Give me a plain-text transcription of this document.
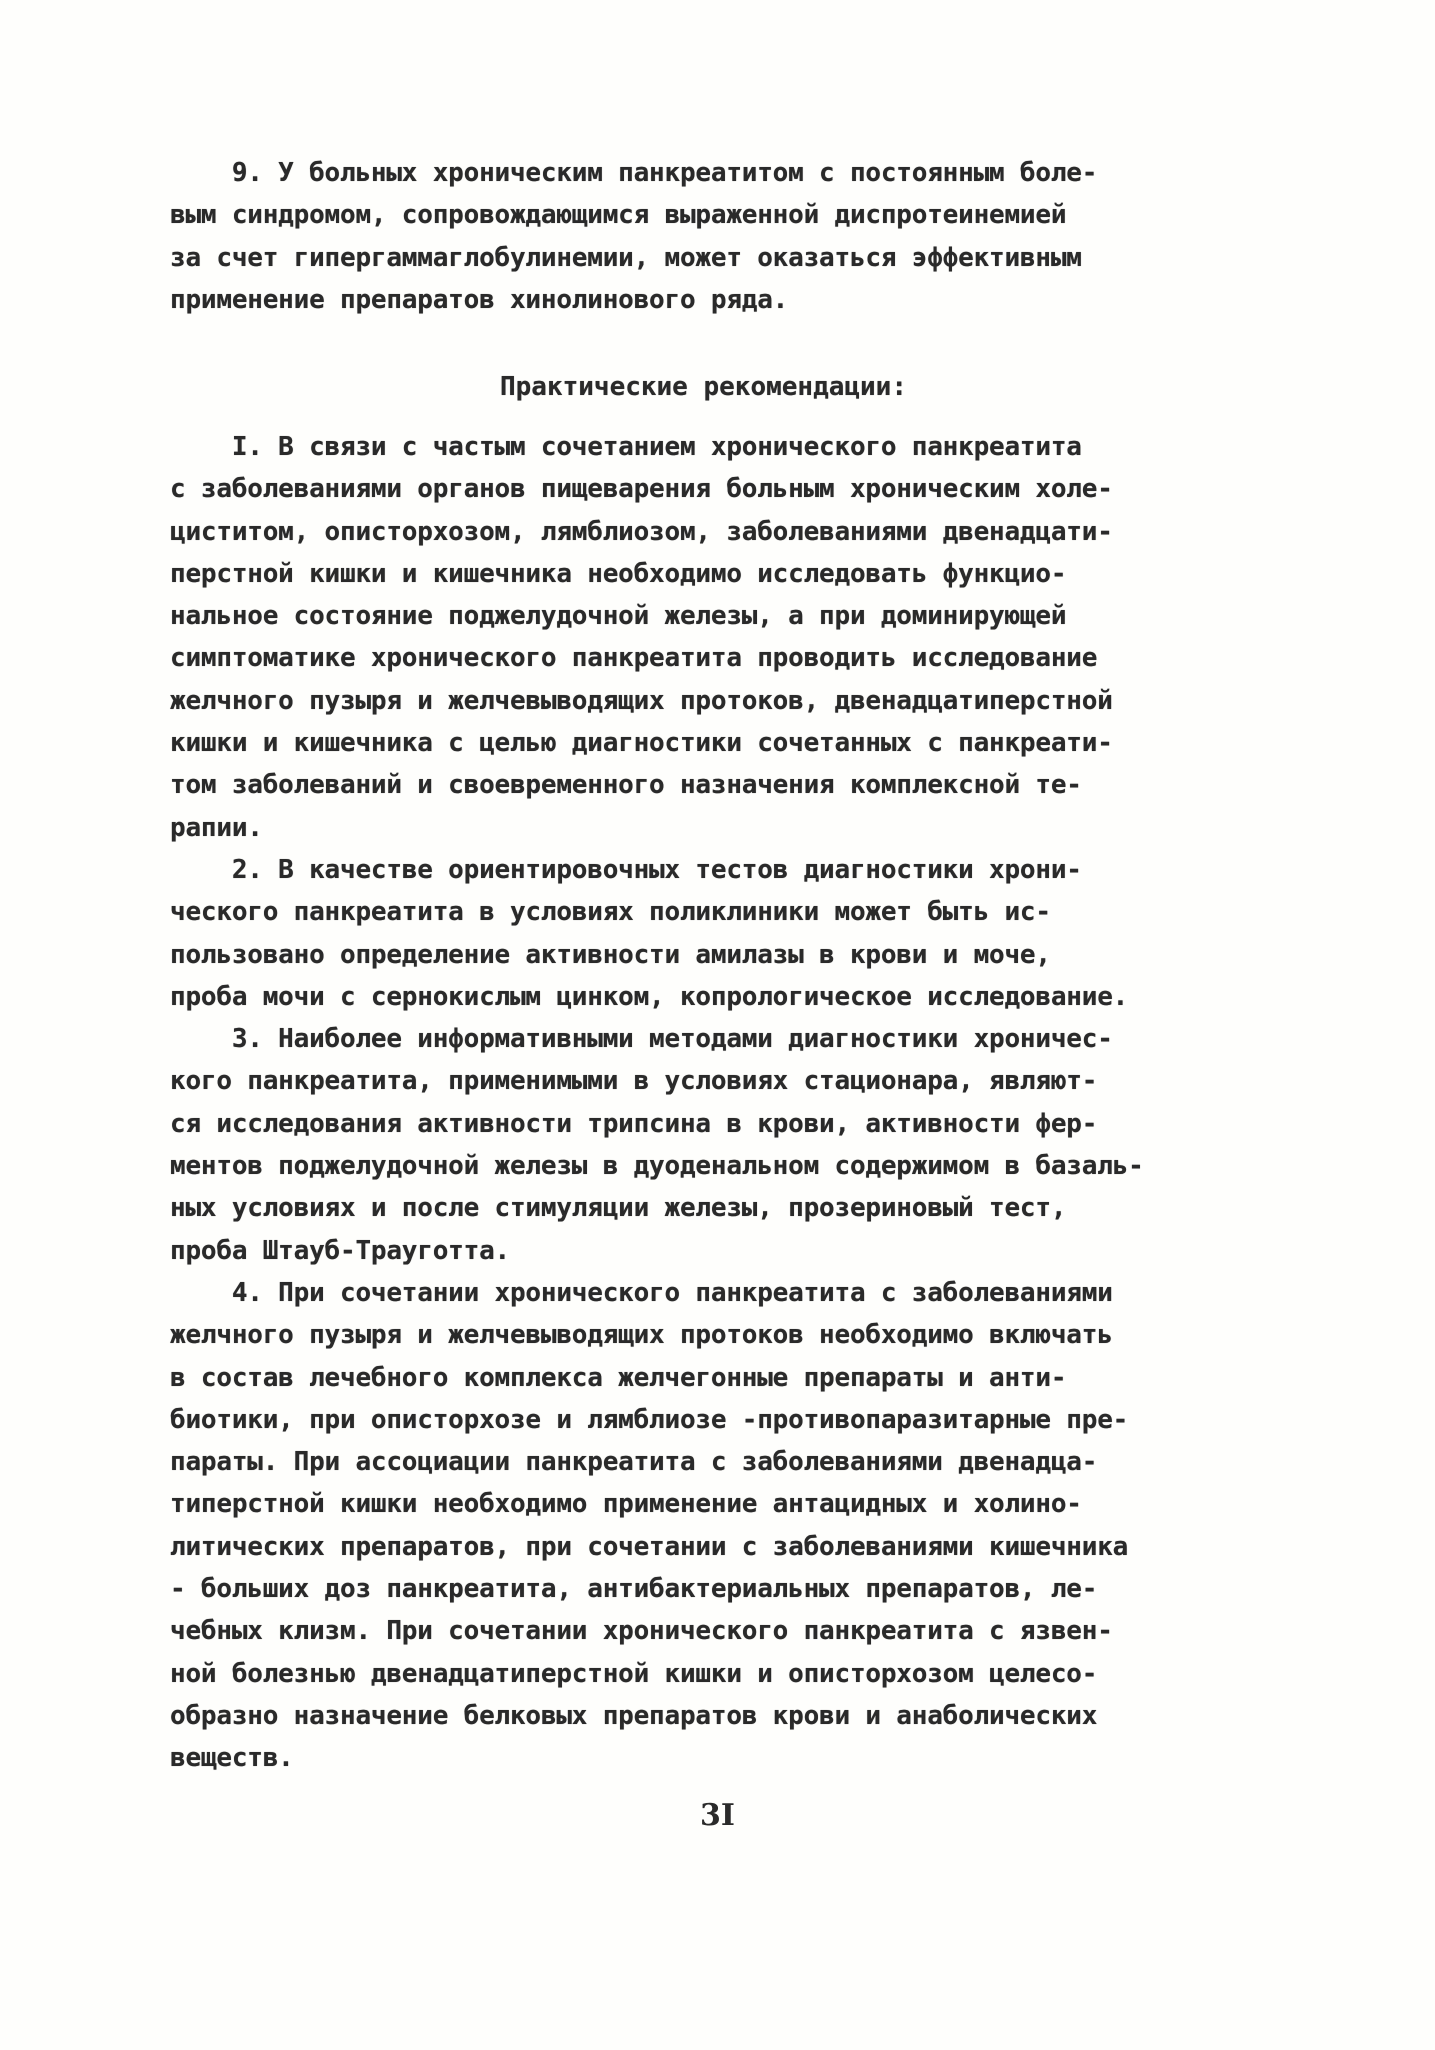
9. У больных хроническим панкреатитом с постоянным боле-
вым синдромом, сопровождающимся выраженной диспротеинемией
за счет гипергаммаглобулинемии, может оказаться эффективным
применение препаратов хинолинового ряда.
Практические рекомендации:
I. В связи с частым сочетанием хронического панкреатита
с заболеваниями органов пищеварения больным хроническим холе-
циститом, описторхозом, лямблиозом, заболеваниями двенадцати-
перстной кишки и кишечника необходимо исследовать функцио-
нальное состояние поджелудочной железы, а при доминирующей
симптоматике хронического панкреатита проводить исследование
желчного пузыря и желчевыводящих протоков, двенадцатиперстной
кишки и кишечника с целью диагностики сочетанных с панкреати-
том заболеваний и своевременного назначения комплексной те-
рапии.
2. В качестве ориентировочных тестов диагностики хрони-
ческого панкреатита в условиях поликлиники может быть ис-
пользовано определение активности амилазы в крови и моче,
проба мочи с сернокислым цинком, копрологическое исследование.
3. Наиболее информативными методами диагностики хроничес-
кого панкреатита, применимыми в условиях стационара, являют-
ся исследования активности трипсина в крови, активности фер-
ментов поджелудочной железы в дуоденальном содержимом в базаль-
ных условиях и после стимуляции железы, прозериновый тест,
проба Штауб-Трауготта.
4. При сочетании хронического панкреатита с заболеваниями
желчного пузыря и желчевыводящих протоков необходимо включать
в состав лечебного комплекса желчегонные препараты и анти-
биотики, при описторхозе и лямблиозе -противопаразитарные пре-
параты. При ассоциации панкреатита с заболеваниями двенадца-
типерстной кишки необходимо применение антацидных и холино-
литических препаратов, при сочетании с заболеваниями кишечника
- больших доз панкреатита, антибактериальных препаратов, ле-
чебных клизм. При сочетании хронического панкреатита с язвен-
ной болезнью двенадцатиперстной кишки и описторхозом целесо-
образно назначение белковых препаратов крови и анаболических
веществ.
3I
